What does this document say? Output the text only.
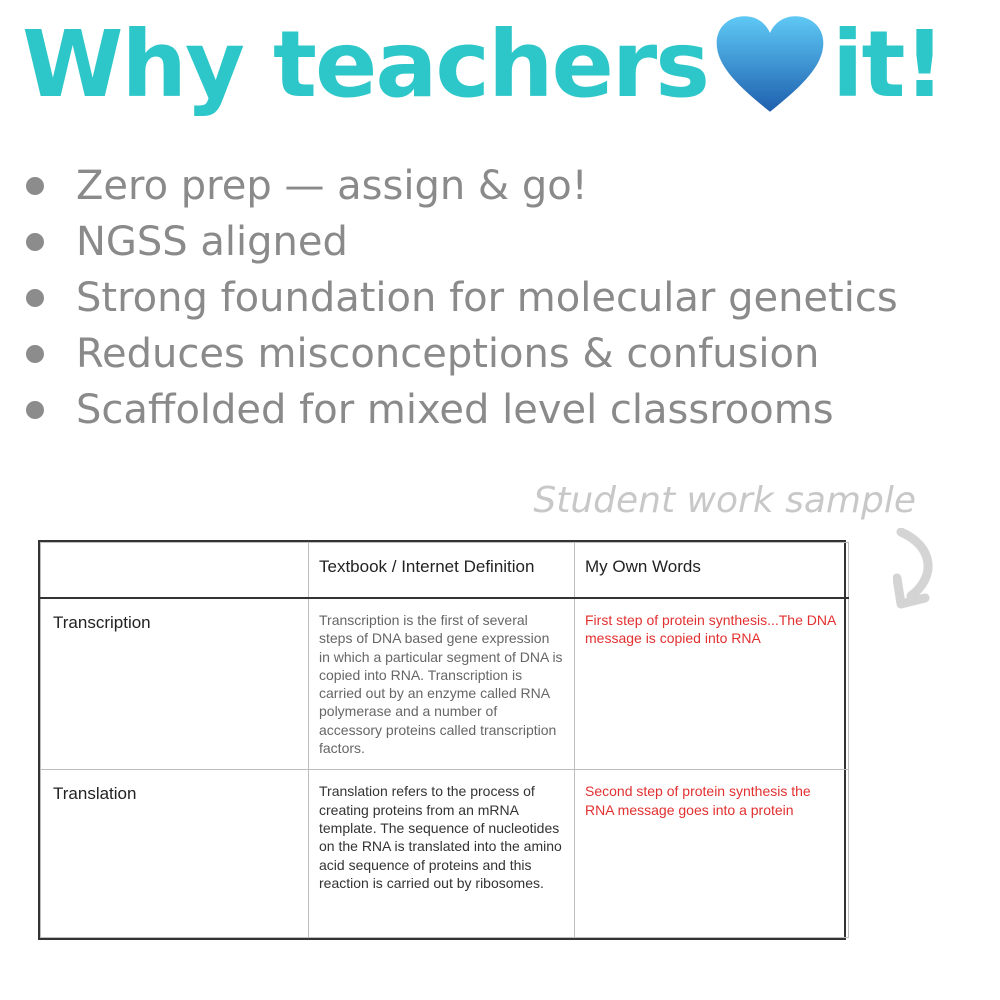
Why teachers it!
Zero prep — assign & go!
NGSS aligned
Strong foundation for molecular genetics
Reduces misconceptions & confusion
Scaffolded for mixed level classrooms
Student work sample
	Textbook / Internet Definition	My Own Words
Transcription	Transcription is the first of several steps of DNA based gene expression in which a particular segment of DNA is copied into RNA. Transcription is carried out by an enzyme called RNA polymerase and a number of accessory proteins called transcription factors.	First step of protein synthesis...The DNA message is copied into RNA
Translation	Translation refers to the process of creating proteins from an mRNA template. The sequence of nucleotides on the RNA is translated into the amino acid sequence of proteins and this reaction is carried out by ribosomes.	Second step of protein synthesis the RNA message goes into a protein
